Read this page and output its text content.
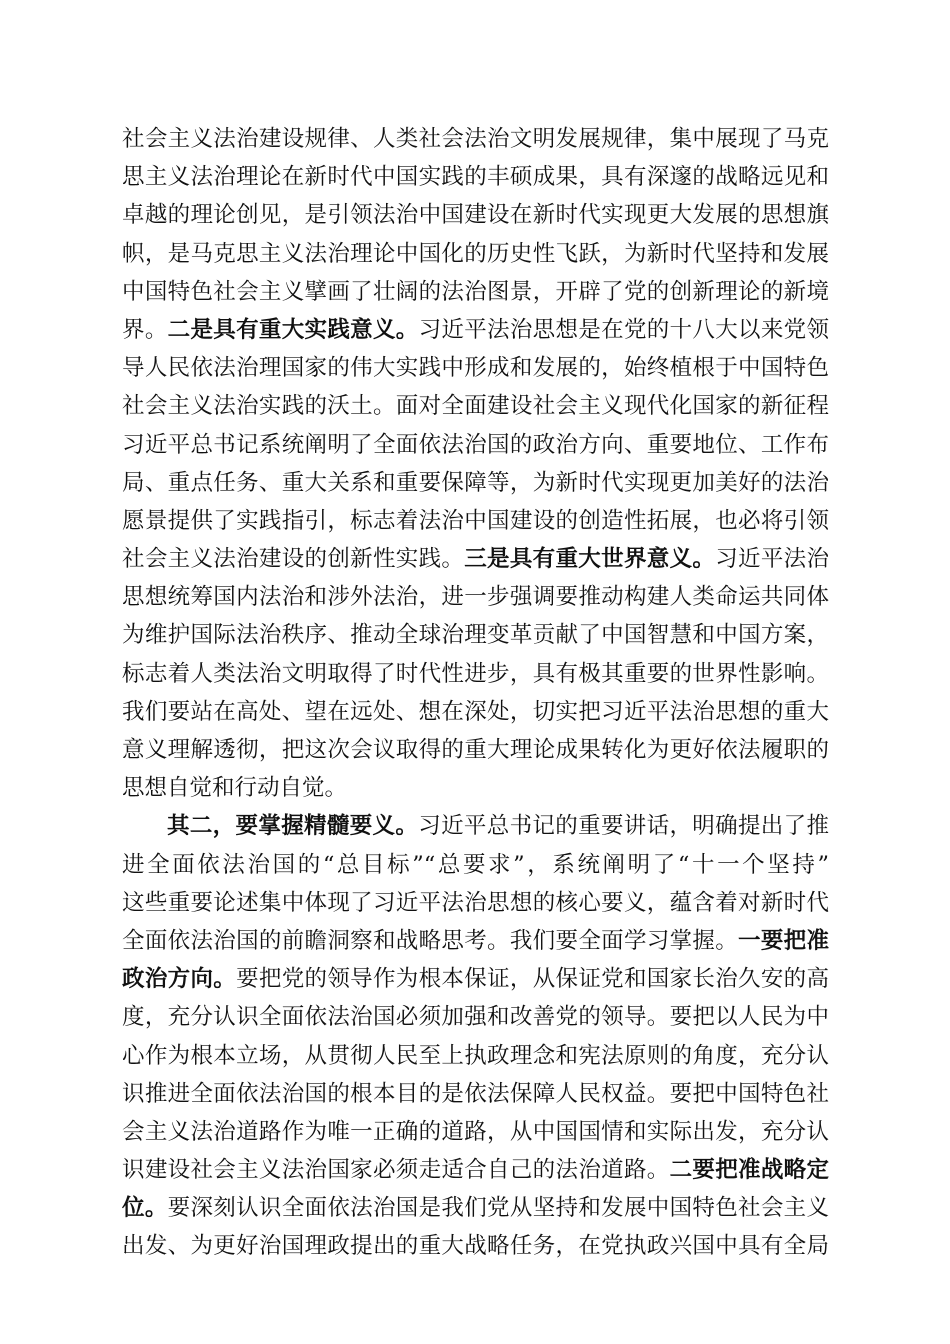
社会主义法治建设规律、人类社会法治文明发展规律，集中展现了马克
思主义法治理论在新时代中国实践的丰硕成果，具有深邃的战略远见和
卓越的理论创见，是引领法治中国建设在新时代实现更大发展的思想旗
帜，是马克思主义法治理论中国化的历史性飞跃，为新时代坚持和发展
中国特色社会主义擘画了壮阔的法治图景，开辟了党的创新理论的新境
界。二是具有重大实践意义。习近平法治思想是在党的十八大以来党领
导人民依法治理国家的伟大实践中形成和发展的，始终植根于中国特色
社会主义法治实践的沃土。面对全面建设社会主义现代化国家的新征程
习近平总书记系统阐明了全面依法治国的政治方向、重要地位、工作布
局、重点任务、重大关系和重要保障等，为新时代实现更加美好的法治
愿景提供了实践指引，标志着法治中国建设的创造性拓展，也必将引领
社会主义法治建设的创新性实践。三是具有重大世界意义。习近平法治
思想统筹国内法治和涉外法治，进一步强调要推动构建人类命运共同体
为维护国际法治秩序、推动全球治理变革贡献了中国智慧和中国方案，
标志着人类法治文明取得了时代性进步，具有极其重要的世界性影响。
我们要站在高处、望在远处、想在深处，切实把习近平法治思想的重大
意义理解透彻，把这次会议取得的重大理论成果转化为更好依法履职的
思想自觉和行动自觉。
其二，要掌握精髓要义。习近平总书记的重要讲话，明确提出了推
进全面依法治国的“总目标”“总要求”，系统阐明了“十一个坚持”
这些重要论述集中体现了习近平法治思想的核心要义，蕴含着对新时代
全面依法治国的前瞻洞察和战略思考。我们要全面学习掌握。一要把准
政治方向。要把党的领导作为根本保证，从保证党和国家长治久安的高
度，充分认识全面依法治国必须加强和改善党的领导。要把以人民为中
心作为根本立场，从贯彻人民至上执政理念和宪法原则的角度，充分认
识推进全面依法治国的根本目的是依法保障人民权益。要把中国特色社
会主义法治道路作为唯一正确的道路，从中国国情和实际出发，充分认
识建设社会主义法治国家必须走适合自己的法治道路。二要把准战略定
位。要深刻认识全面依法治国是我们党从坚持和发展中国特色社会主义
出发、为更好治国理政提出的重大战略任务，在党执政兴国中具有全局
